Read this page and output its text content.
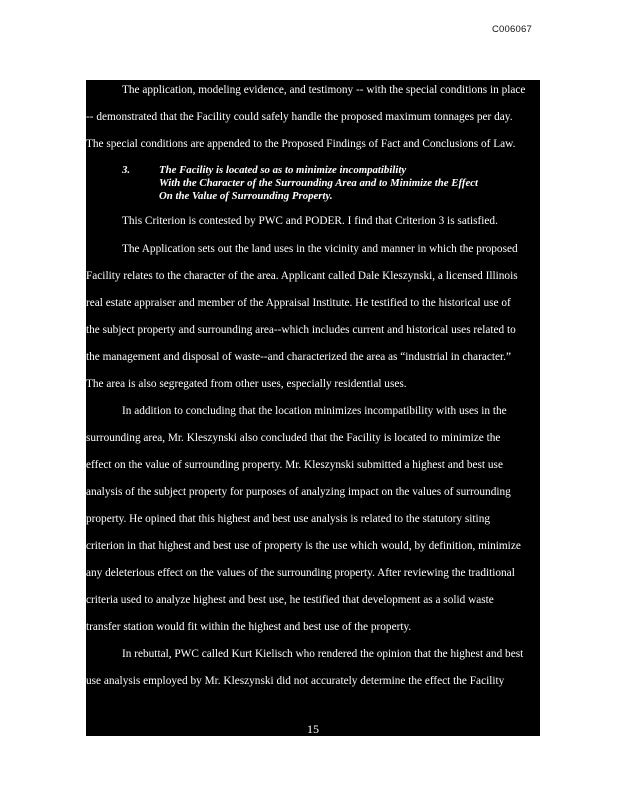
C006067
The application, modeling evidence, and testimony -- with the special conditions in place
-- demonstrated that the Facility could safely handle the proposed maximum tonnages per day.
The special conditions are appended to the Proposed Findings of Fact and Conclusions of Law.
3.	The Facility is located so as to minimize incompatibility
With the Character of the Surrounding Area and to Minimize the Effect
On the Value of Surrounding Property.
This Criterion is contested by PWC and PODER. I find that Criterion 3 is satisfied.
The Application sets out the land uses in the vicinity and manner in which the proposed
Facility relates to the character of the area. Applicant called Dale Kleszynski, a licensed Illinois
real estate appraiser and member of the Appraisal Institute. He testified to the historical use of
the subject property and surrounding area--which includes current and historical uses related to
the management and disposal of waste--and characterized the area as “industrial in character.”
The area is also segregated from other uses, especially residential uses.
In addition to concluding that the location minimizes incompatibility with uses in the
surrounding area, Mr. Kleszynski also concluded that the Facility is located to minimize the
effect on the value of surrounding property. Mr. Kleszynski submitted a highest and best use
analysis of the subject property for purposes of analyzing impact on the values of surrounding
property. He opined that this highest and best use analysis is related to the statutory siting
criterion in that highest and best use of property is the use which would, by definition, minimize
any deleterious effect on the values of the surrounding property. After reviewing the traditional
criteria used to analyze highest and best use, he testified that development as a solid waste
transfer station would fit within the highest and best use of the property.
In rebuttal, PWC called Kurt Kielisch who rendered the opinion that the highest and best
use analysis employed by Mr. Kleszynski did not accurately determine the effect the Facility
15
